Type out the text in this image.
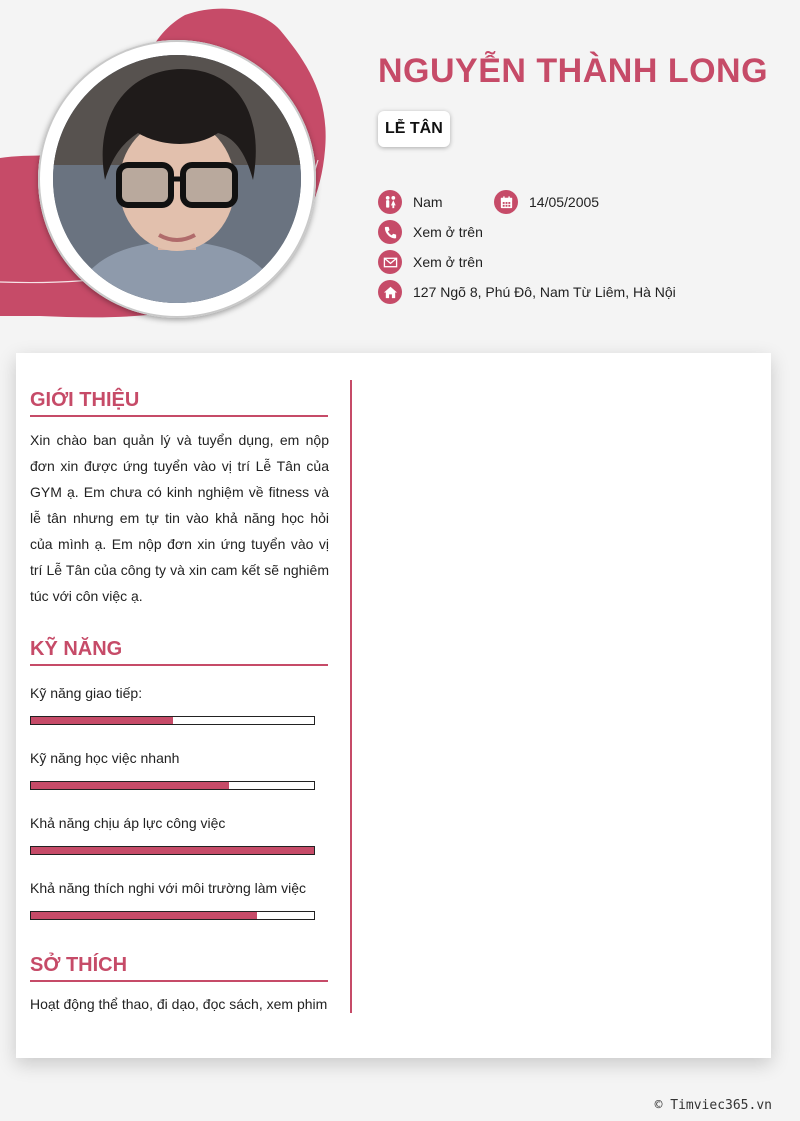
NGUYỄN THÀNH LONG
LỄ TÂN
Nam	14/05/2005
Xem ở trên
Xem ở trên
127 Ngõ 8, Phú Đô, Nam Từ Liêm, Hà Nội
GIỚI THIỆU

Xin chào ban quản lý và tuyển dụng, em nộp đơn xin được ứng tuyển vào vị trí Lễ Tân của GYM ạ. Em chưa có kinh nghiệm về fitness và lễ tân nhưng em tự tin vào khả năng học hỏi của mình ạ. Em nộp đơn xin ứng tuyển vào vị trí Lễ Tân của công ty và xin cam kết sẽ nghiêm túc với côn việc ạ.

KỸ NĂNG
Kỹ năng giao tiếp:
Kỹ năng học việc nhanh
Khả năng chịu áp lực công việc
Khả năng thích nghi với môi trường làm việc
SỞ THÍCH
Hoạt động thể thao, đi dạo, đọc sách, xem phim
© Timviec365.vn
